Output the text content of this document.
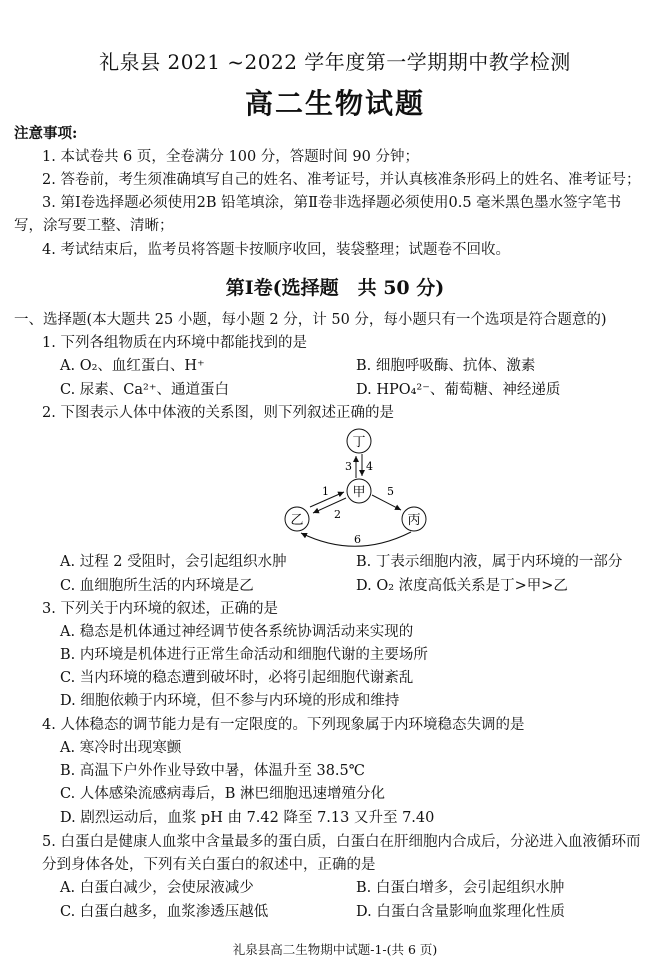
礼泉县 2021 ~2022 学年度第一学期期中教学检测
高二生物试题
注意事项:
1. 本试卷共 6 页，全卷满分 100 分，答题时间 90 分钟；
2. 答卷前，考生须准确填写自己的姓名、准考证号，并认真核准条形码上的姓名、准考证号；
3. 第Ⅰ卷选择题必须使用2B 铅笔填涂，第Ⅱ卷非选择题必须使用0.5 毫米黑色墨水签字笔书
写，涂写要工整、清晰；
4. 考试结束后，监考员将答题卡按顺序收回，装袋整理；试题卷不回收。
第Ⅰ卷(选择题　共 50 分)
一、选择题(本大题共 25 小题，每小题 2 分，计 50 分，每小题只有一个选项是符合题意的)
1. 下列各组物质在内环境中都能找到的是
A. O₂、血红蛋白、H⁺	B. 细胞呼吸酶、抗体、激素
C. 尿素、Ca²⁺、通道蛋白	D. HPO₄²⁻、葡萄糖、神经递质
2. 下图表示人体中体液的关系图，则下列叙述正确的是
丁
甲
乙	丙
3 4
1
2
5
6
A. 过程 2 受阻时，会引起组织水肿	B. 丁表示细胞内液，属于内环境的一部分
C. 血细胞所生活的内环境是乙	D. O₂ 浓度高低关系是丁>甲>乙
3. 下列关于内环境的叙述，正确的是
A. 稳态是机体通过神经调节使各系统协调活动来实现的
B. 内环境是机体进行正常生命活动和细胞代谢的主要场所
C. 当内环境的稳态遭到破坏时，必将引起细胞代谢紊乱
D. 细胞依赖于内环境，但不参与内环境的形成和维持
4. 人体稳态的调节能力是有一定限度的。下列现象属于内环境稳态失调的是
A. 寒冷时出现寒颤
B. 高温下户外作业导致中暑，体温升至 38.5℃
C. 人体感染流感病毒后，B 淋巴细胞迅速增殖分化
D. 剧烈运动后，血浆 pH 由 7.42 降至 7.13 又升至 7.40
5. 白蛋白是健康人血浆中含量最多的蛋白质，白蛋白在肝细胞内合成后，分泌进入血液循环而
分到身体各处，下列有关白蛋白的叙述中，正确的是
A. 白蛋白减少，会使尿液减少	B. 白蛋白增多，会引起组织水肿
C. 白蛋白越多，血浆渗透压越低	D. 白蛋白含量影响血浆理化性质
礼泉县高二生物期中试题-1-(共 6 页)
